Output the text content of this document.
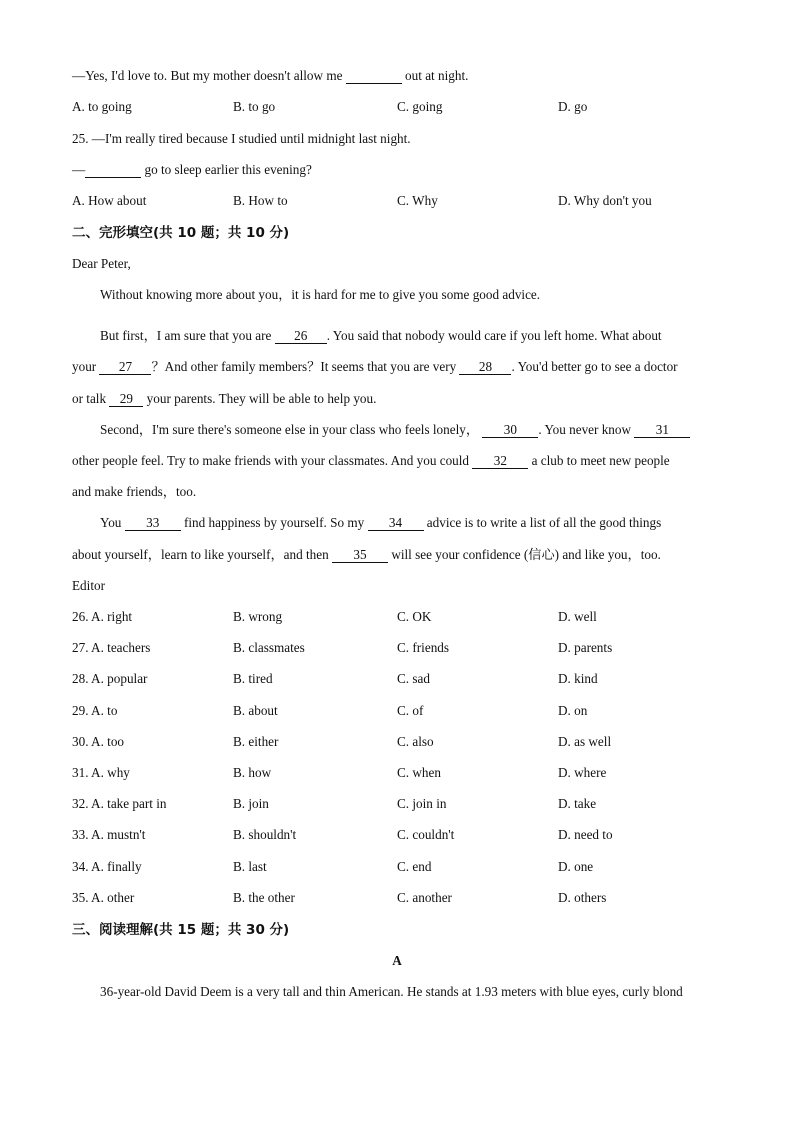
—Yes, I'd love to. But my mother doesn't allow me	out at night.
A. to going	B. to go	C. going	D. go
25. —I'm really tired because I studied until midnight last night.
—	go to sleep earlier this evening?
A. How about	B. How to	C. Why	D. Why don't you
二、完形填空(共 10 题；共 10 分)
Dear Peter,
Without knowing more about you，it is hard for me to give you some good advice.
But first，I am sure that you are 26 . You said that nobody would care if you left home. What about
your 27 ？And other family members？It seems that you are very 28 . You'd better go to see a doctor
or talk 29 your parents. They will be able to help you.
Second，I'm sure there's someone else in your class who feels lonely， 30 . You never know 31
other people feel. Try to make friends with your classmates. And you could 32 a club to meet new people
and make friends，too.
You 33 find happiness by yourself. So my 34 advice is to write a list of all the good things
about yourself，learn to like yourself，and then 35 will see your confidence (信心) and like you，too.
Editor
26. A. right	B. wrong	C. OK	D. well
27. A. teachers	B. classmates	C. friends	D. parents
28. A. popular	B. tired	C. sad	D. kind
29. A. to	B. about	C. of	D. on
30. A. too	B. either	C. also	D. as well
31. A. why	B. how	C. when	D. where
32. A. take part in	B. join	C. join in	D. take
33. A. mustn't	B. shouldn't	C. couldn't	D. need to
34. A. finally	B. last	C. end	D. one
35. A. other	B. the other	C. another	D. others
三、阅读理解(共 15 题；共 30 分)
A
36-year-old David Deem is a very tall and thin American. He stands at 1.93 meters with blue eyes, curly blond
